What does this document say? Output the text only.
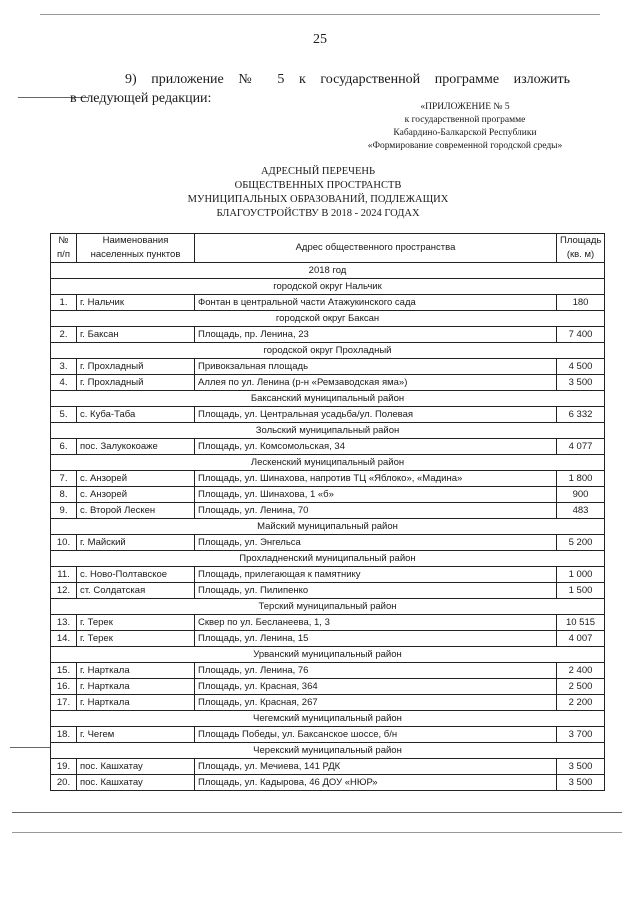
25
9) приложение № 5 к государственной программе изложить
в следующей редакции:
«ПРИЛОЖЕНИЕ № 5
к государственной программе
Кабардино-Балкарской Республики
«Формирование современной городской среды»
АДРЕСНЫЙ ПЕРЕЧЕНЬ
ОБЩЕСТВЕННЫХ ПРОСТРАНСТВ
МУНИЦИПАЛЬНЫХ ОБРАЗОВАНИЙ, ПОДЛЕЖАЩИХ
БЛАГОУСТРОЙСТВУ В 2018 - 2024 ГОДАХ
№ п/п	Наименования населенных пунктов	Адрес общественного пространства	Площадь (кв. м)
2018 год			
городской округ Нальчик			
1.	г. Нальчик	Фонтан в центральной части Атажукинского сада	180
городской округ Баксан			
2.	г. Баксан	Площадь, пр. Ленина, 23	7 400
городской округ Прохладный			
3.	г. Прохладный	Привокзальная площадь	4 500
4.	г. Прохладный	Аллея по ул. Ленина (р-н «Ремзаводская яма»)	3 500
Баксанский муниципальный район			
5.	с. Куба-Таба	Площадь, ул. Центральная усадьба/ул. Полевая	6 332
Зольский муниципальный район			
6.	пос. Залукокоаже	Площадь, ул. Комсомольская, 34	4 077
Лескенский муниципальный район			
7.	с. Анзорей	Площадь, ул. Шинахова, напротив ТЦ «Яблоко», «Мадина»	1 800
8.	с. Анзорей	Площадь, ул. Шинахова, 1 «б»	900
9.	с. Второй Лескен	Площадь, ул. Ленина, 70	483
Майский муниципальный район			
10.	г. Майский	Площадь, ул. Энгельса	5 200
Прохладненский муниципальный район			
11.	с. Ново-Полтавское	Площадь, прилегающая к памятнику	1 000
12.	ст. Солдатская	Площадь, ул. Пилипенко	1 500
Терский муниципальный район			
13.	г. Терек	Сквер по ул. Бесланеева, 1, 3	10 515
14.	г. Терек	Площадь, ул. Ленина, 15	4 007
Урванский муниципальный район			
15.	г. Нарткала	Площадь, ул. Ленина, 76	2 400
16.	г. Нарткала	Площадь, ул. Красная, 364	2 500
17.	г. Нарткала	Площадь, ул. Красная, 267	2 200
Чегемский муниципальный район			
18.	г. Чегем	Площадь Победы, ул. Баксанское шоссе, б/н	3 700
Черекский муниципальный район			
19.	пос. Кашхатау	Площадь, ул. Мечиева, 141 РДК	3 500
20.	пос. Кашхатау	Площадь, ул. Кадырова, 46 ДОУ «НЮР»	3 500
